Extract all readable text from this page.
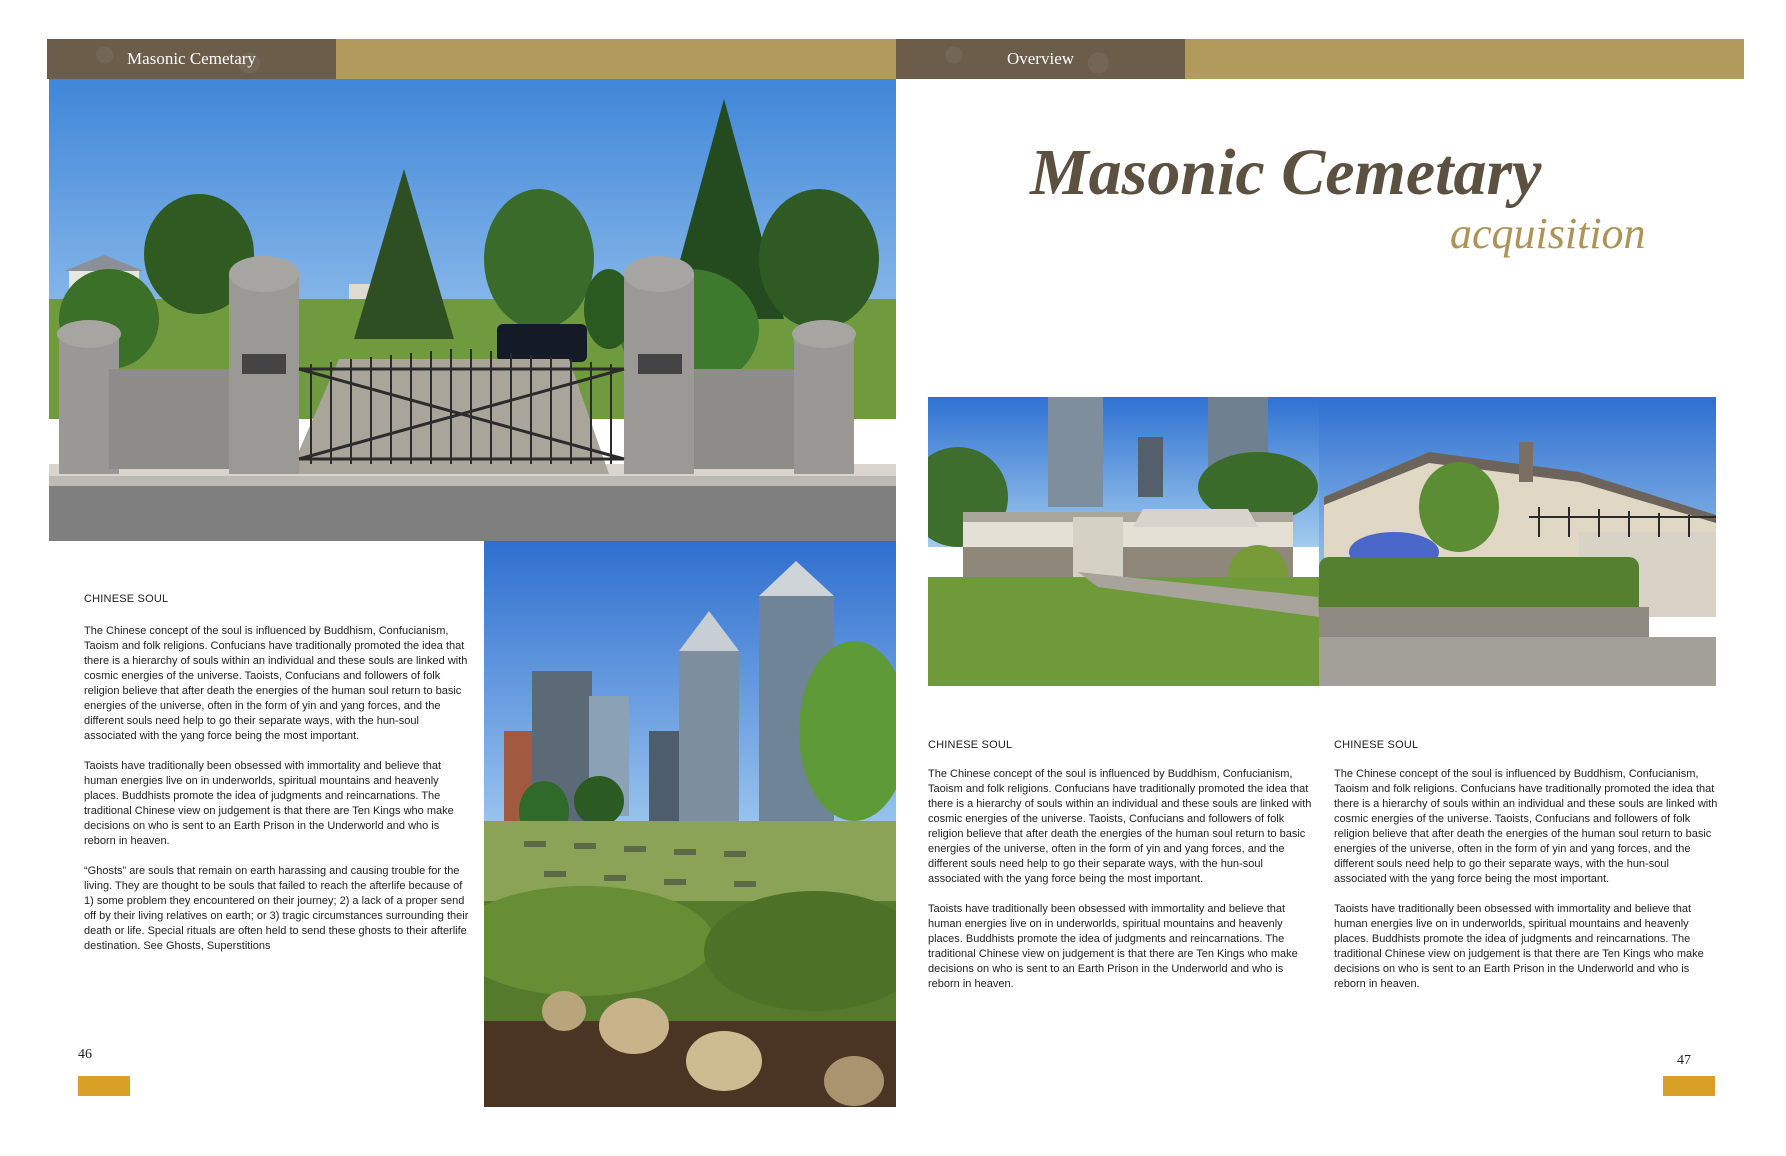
Masonic Cemetary
CHINESE SOUL

The Chinese concept of the soul is influenced by Buddhism, Confucianism, Taoism and folk religions. Confucians have traditionally promoted the idea that there is a hierarchy of souls within an individual and these souls are linked with cosmic energies of the universe. Taoists, Confucians and followers of folk religion believe that after death the energies of the human soul return to basic energies of the universe, often in the form of yin and yang forces, and the different souls need help to go their separate ways, with the hun-soul associated with the yang force being the most important.

Taoists have traditionally been obsessed with immortality and believe that human energies live on in underworlds, spiritual mountains and heavenly places. Buddhists promote the idea of judgments and reincarnations. The traditional Chinese view on judgement is that there are Ten Kings who make decisions on who is sent to an Earth Prison in the Underworld and who is reborn in heaven.

“Ghosts” are souls that remain on earth harassing and causing trouble for the living. They are thought to be souls that failed to reach the afterlife because of 1) some problem they encountered on their journey; 2) a lack of a proper send off by their living relatives on earth; or 3) tragic circumstances surrounding their death or life. Special rituals are often held to send these ghosts to their afterlife destination. See Ghosts, Superstitions

46
Overview
Masonic Cemetary
acquisition
CHINESE SOUL

The Chinese concept of the soul is influenced by Buddhism, Confucianism, Taoism and folk religions. Confucians have traditionally promoted the idea that there is a hierarchy of souls within an individual and these souls are linked with cosmic energies of the universe. Taoists, Confucians and followers of folk religion believe that after death the energies of the human soul return to basic energies of the universe, often in the form of yin and yang forces, and the different souls need help to go their separate ways, with the hun-soul associated with the yang force being the most important.

Taoists have traditionally been obsessed with immortality and believe that human energies live on in underworlds, spiritual mountains and heavenly places. Buddhists promote the idea of judgments and reincarnations. The traditional Chinese view on judgement is that there are Ten Kings who make decisions on who is sent to an Earth Prison in the Underworld and who is reborn in heaven.

CHINESE SOUL

The Chinese concept of the soul is influenced by Buddhism, Confucianism, Taoism and folk religions. Confucians have traditionally promoted the idea that there is a hierarchy of souls within an individual and these souls are linked with cosmic energies of the universe. Taoists, Confucians and followers of folk religion believe that after death the energies of the human soul return to basic energies of the universe, often in the form of yin and yang forces, and the different souls need help to go their separate ways, with the hun-soul associated with the yang force being the most important.

Taoists have traditionally been obsessed with immortality and believe that human energies live on in underworlds, spiritual mountains and heavenly places. Buddhists promote the idea of judgments and reincarnations. The traditional Chinese view on judgement is that there are Ten Kings who make decisions on who is sent to an Earth Prison in the Underworld and who is reborn in heaven.

47
